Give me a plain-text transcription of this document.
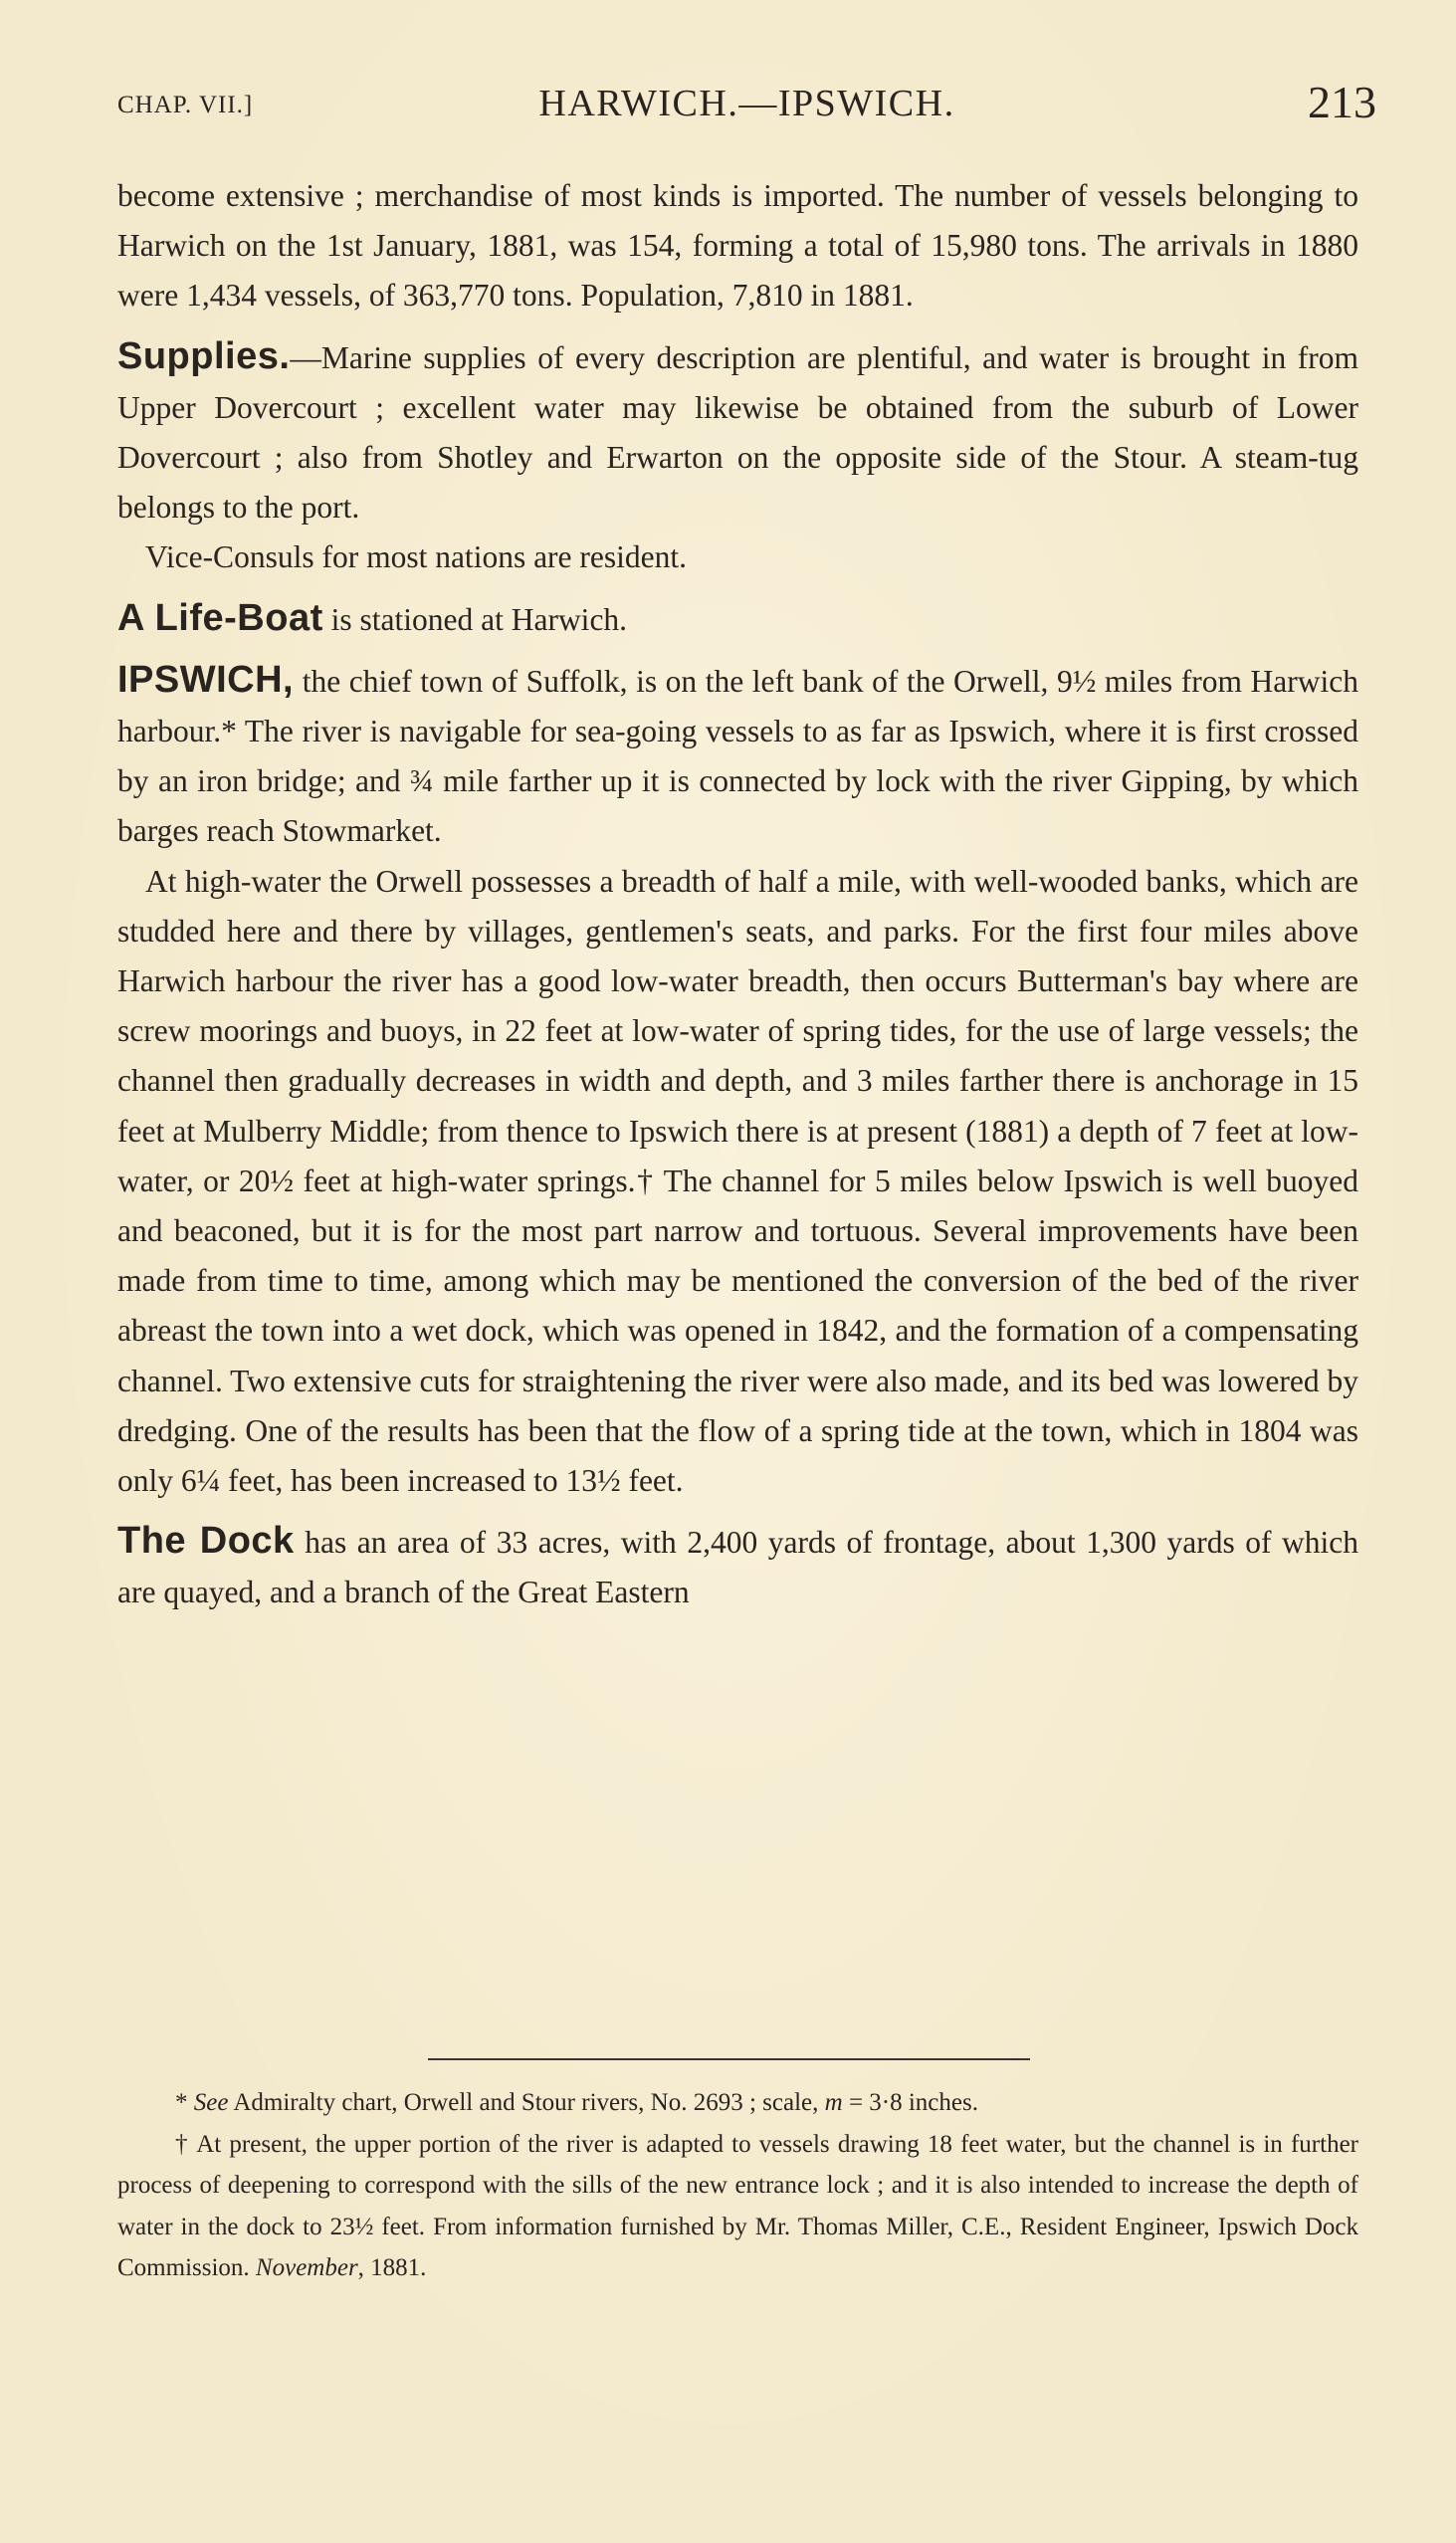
CHAP. VII.]	HARWICH.—IPSWICH.	213

become extensive ; merchandise of most kinds is imported. The number of vessels belonging to Harwich on the 1st January, 1881, was 154, forming a total of 15,980 tons. The arrivals in 1880 were 1,434 vessels, of 363,770 tons. Population, 7,810 in 1881.

Supplies.—Marine supplies of every description are plentiful, and water is brought in from Upper Dovercourt ; excellent water may likewise be obtained from the suburb of Lower Dovercourt ; also from Shotley and Erwarton on the opposite side of the Stour. A steam-tug belongs to the port.

Vice-Consuls for most nations are resident.

A Life-Boat is stationed at Harwich.

IPSWICH, the chief town of Suffolk, is on the left bank of the Orwell, 9½ miles from Harwich harbour.* The river is navigable for sea-going vessels to as far as Ipswich, where it is first crossed by an iron bridge; and ¾ mile farther up it is connected by lock with the river Gipping, by which barges reach Stowmarket.

At high-water the Orwell possesses a breadth of half a mile, with well-wooded banks, which are studded here and there by villages, gentlemen's seats, and parks. For the first four miles above Harwich harbour the river has a good low-water breadth, then occurs Butterman's bay where are screw moorings and buoys, in 22 feet at low-water of spring tides, for the use of large vessels; the channel then gradually decreases in width and depth, and 3 miles farther there is anchorage in 15 feet at Mulberry Middle; from thence to Ipswich there is at present (1881) a depth of 7 feet at low-water, or 20½ feet at high-water springs.† The channel for 5 miles below Ipswich is well buoyed and beaconed, but it is for the most part narrow and tortuous. Several improvements have been made from time to time, among which may be mentioned the conversion of the bed of the river abreast the town into a wet dock, which was opened in 1842, and the formation of a compensating channel. Two extensive cuts for straightening the river were also made, and its bed was lowered by dredging. One of the results has been that the flow of a spring tide at the town, which in 1804 was only 6¼ feet, has been increased to 13½ feet.

The Dock has an area of 33 acres, with 2,400 yards of frontage, about 1,300 yards of which are quayed, and a branch of the Great Eastern

* See Admiralty chart, Orwell and Stour rivers, No. 2693 ; scale, m = 3·8 inches.

† At present, the upper portion of the river is adapted to vessels drawing 18 feet water, but the channel is in further process of deepening to correspond with the sills of the new entrance lock ; and it is also intended to increase the depth of water in the dock to 23½ feet. From information furnished by Mr. Thomas Miller, C.E., Resident Engineer, Ipswich Dock Commission. November, 1881.
